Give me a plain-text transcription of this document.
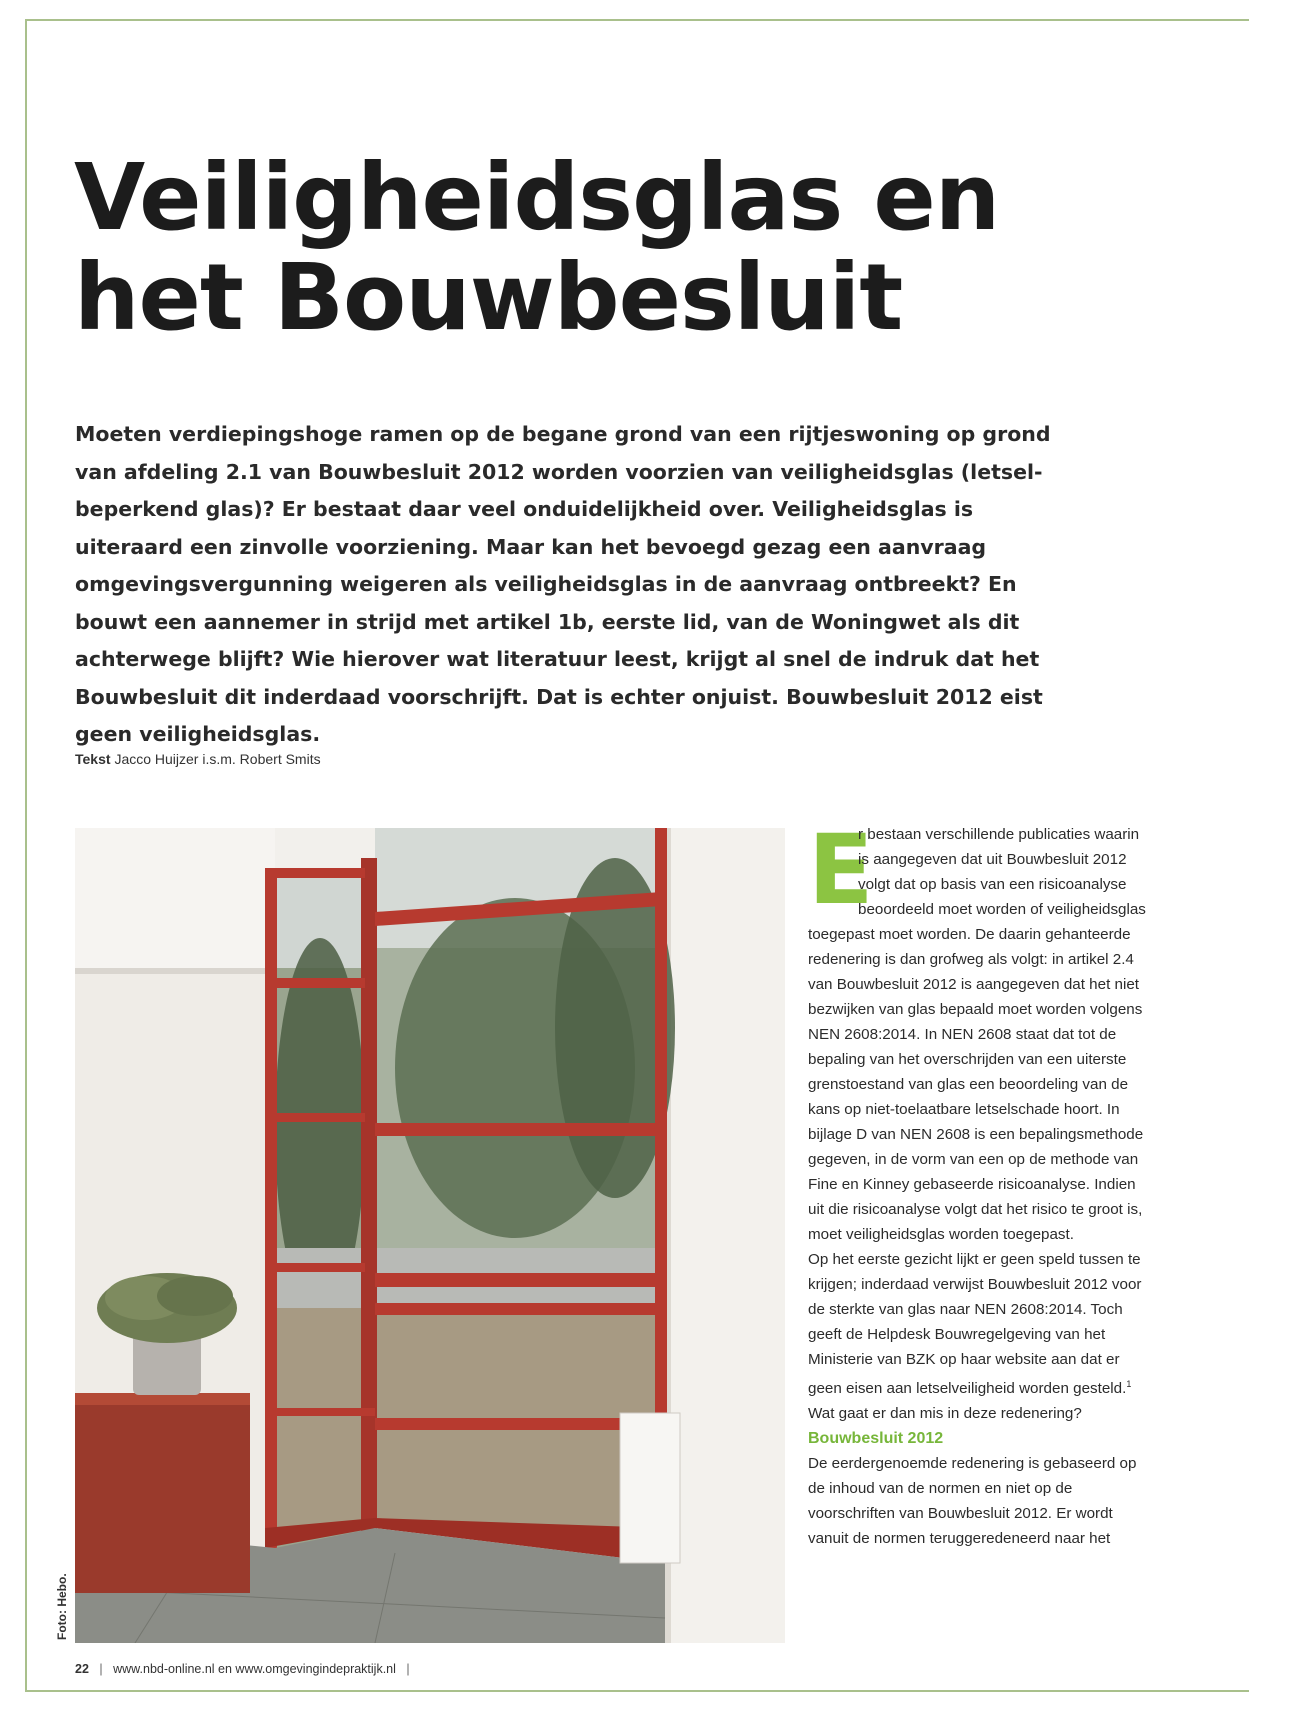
Veiligheidsglas en het Bouwbesluit

Moeten verdiepingshoge ramen op de begane grond van een rijtjeswoning op grond van afdeling 2.1 van Bouwbesluit 2012 worden voorzien van veiligheidsglas (letselbeperkend glas)? Er bestaat daar veel onduidelijkheid over. Veiligheidsglas is uiteraard een zinvolle voorziening. Maar kan het bevoegd gezag een aanvraag omgevingsvergunning weigeren als veiligheidsglas in de aanvraag ontbreekt? En bouwt een aannemer in strijd met artikel 1b, eerste lid, van de Woningwet als dit achterwege blijft? Wie hierover wat literatuur leest, krijgt al snel de indruk dat het Bouwbesluit dit inderdaad voorschrijft. Dat is echter onjuist. Bouwbesluit 2012 eist geen veiligheidsglas.

Tekst Jacco Huijzer i.s.m. Robert Smits
Foto: Hebo.
E

r bestaan verschillende publicaties waarin is aangegeven dat uit Bouwbesluit 2012 volgt dat op basis van een risicoanalyse beoordeeld moet worden of veiligheidsglas toegepast moet worden. De daarin gehanteerde redenering is dan grofweg als volgt: in artikel 2.4 van Bouwbesluit 2012 is aangegeven dat het niet bezwijken van glas bepaald moet worden volgens NEN 2608:2014. In NEN 2608 staat dat tot de bepaling van het overschrijden van een uiterste grenstoestand van glas een beoordeling van de kans op niet-toelaatbare letselschade hoort. In bijlage D van NEN 2608 is een bepalingsmethode gegeven, in de vorm van een op de methode van Fine en Kinney gebaseerde risicoanalyse. Indien uit die risicoanalyse volgt dat het risico te groot is, moet veiligheidsglas worden toegepast.

Op het eerste gezicht lijkt er geen speld tussen te krijgen; inderdaad verwijst Bouwbesluit 2012 voor de sterkte van glas naar NEN 2608:2014. Toch geeft de Helpdesk Bouwregelgeving van het Ministerie van BZK op haar website aan dat er geen eisen aan letselveiligheid worden gesteld.$^1$ Wat gaat er dan mis in deze redenering?

Bouwbesluit 2012

De eerdergenoemde redenering is gebaseerd op de inhoud van de normen en niet op de voorschriften van Bouwbesluit 2012. Er wordt vanuit de normen teruggeredeneerd naar het

22 | www.nbd-online.nl en www.omgevingindepraktijk.nl |
